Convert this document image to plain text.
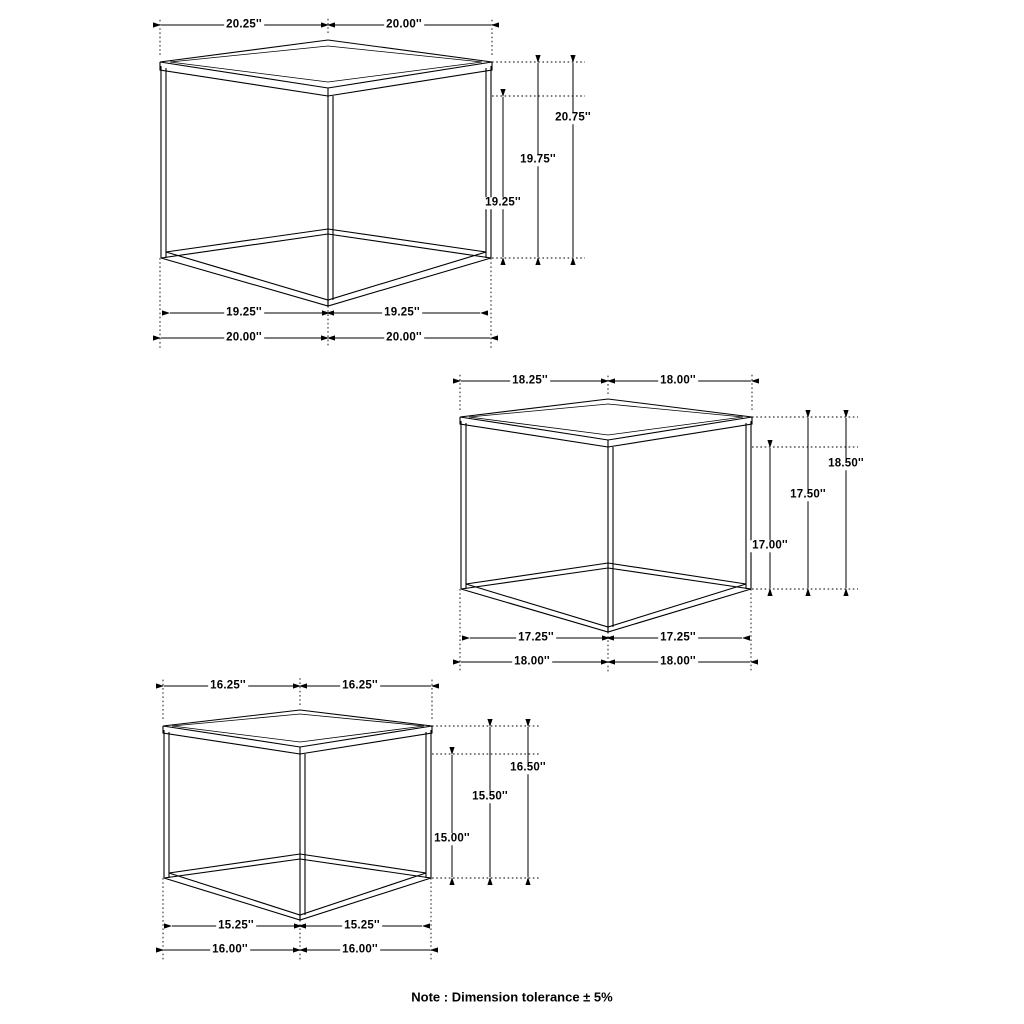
20.25''	20.00''
20.75''
19.75''
19.25''
19.25''	19.25''
20.00''	20.00''
18.25''	18.00''
18.50''
17.50''
17.00''
17.25''	17.25''
18.00''	18.00''
16.25''	16.25''
16.50''
15.50''
15.00''
15.25''	15.25''
16.00''	16.00''
Note : Dimension tolerance ± 5%
